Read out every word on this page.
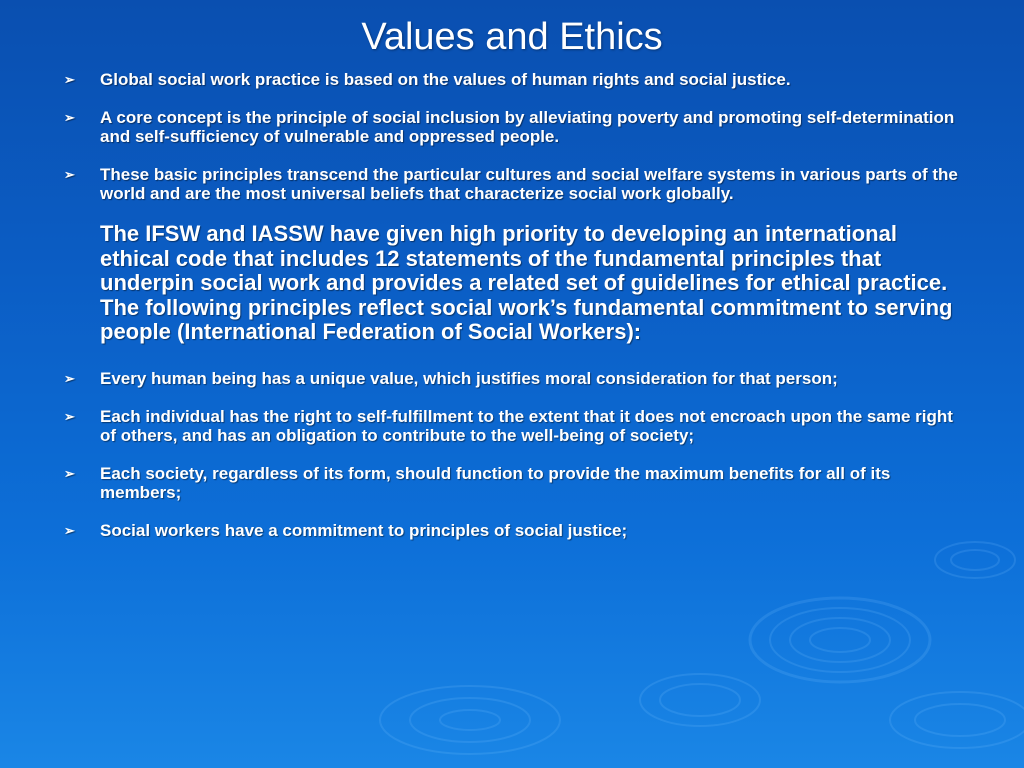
Values and Ethics
➢ Global social work practice is based on the values of human rights and social justice.
➢ A core concept is the principle of social inclusion by alleviating poverty and promoting self-determination and self-sufficiency of vulnerable and oppressed people.
➢ These basic principles transcend the particular cultures and social welfare systems in various parts of the world and are the most universal beliefs that characterize social work globally.
The IFSW and IASSW have given high priority to developing an international ethical code that includes 12 statements of the fundamental principles that underpin social work and provides a related set of guidelines for ethical practice. The following principles reflect social work’s fundamental commitment to serving people (International Federation of Social Workers):
➢ Every human being has a unique value, which justifies moral consideration for that person;
➢ Each individual has the right to self-fulfillment to the extent that it does not encroach upon the same right of others, and has an obligation to contribute to the well-being of society;
➢ Each society, regardless of its form, should function to provide the maximum benefits for all of its members;
➢ Social workers have a commitment to principles of social justice;
